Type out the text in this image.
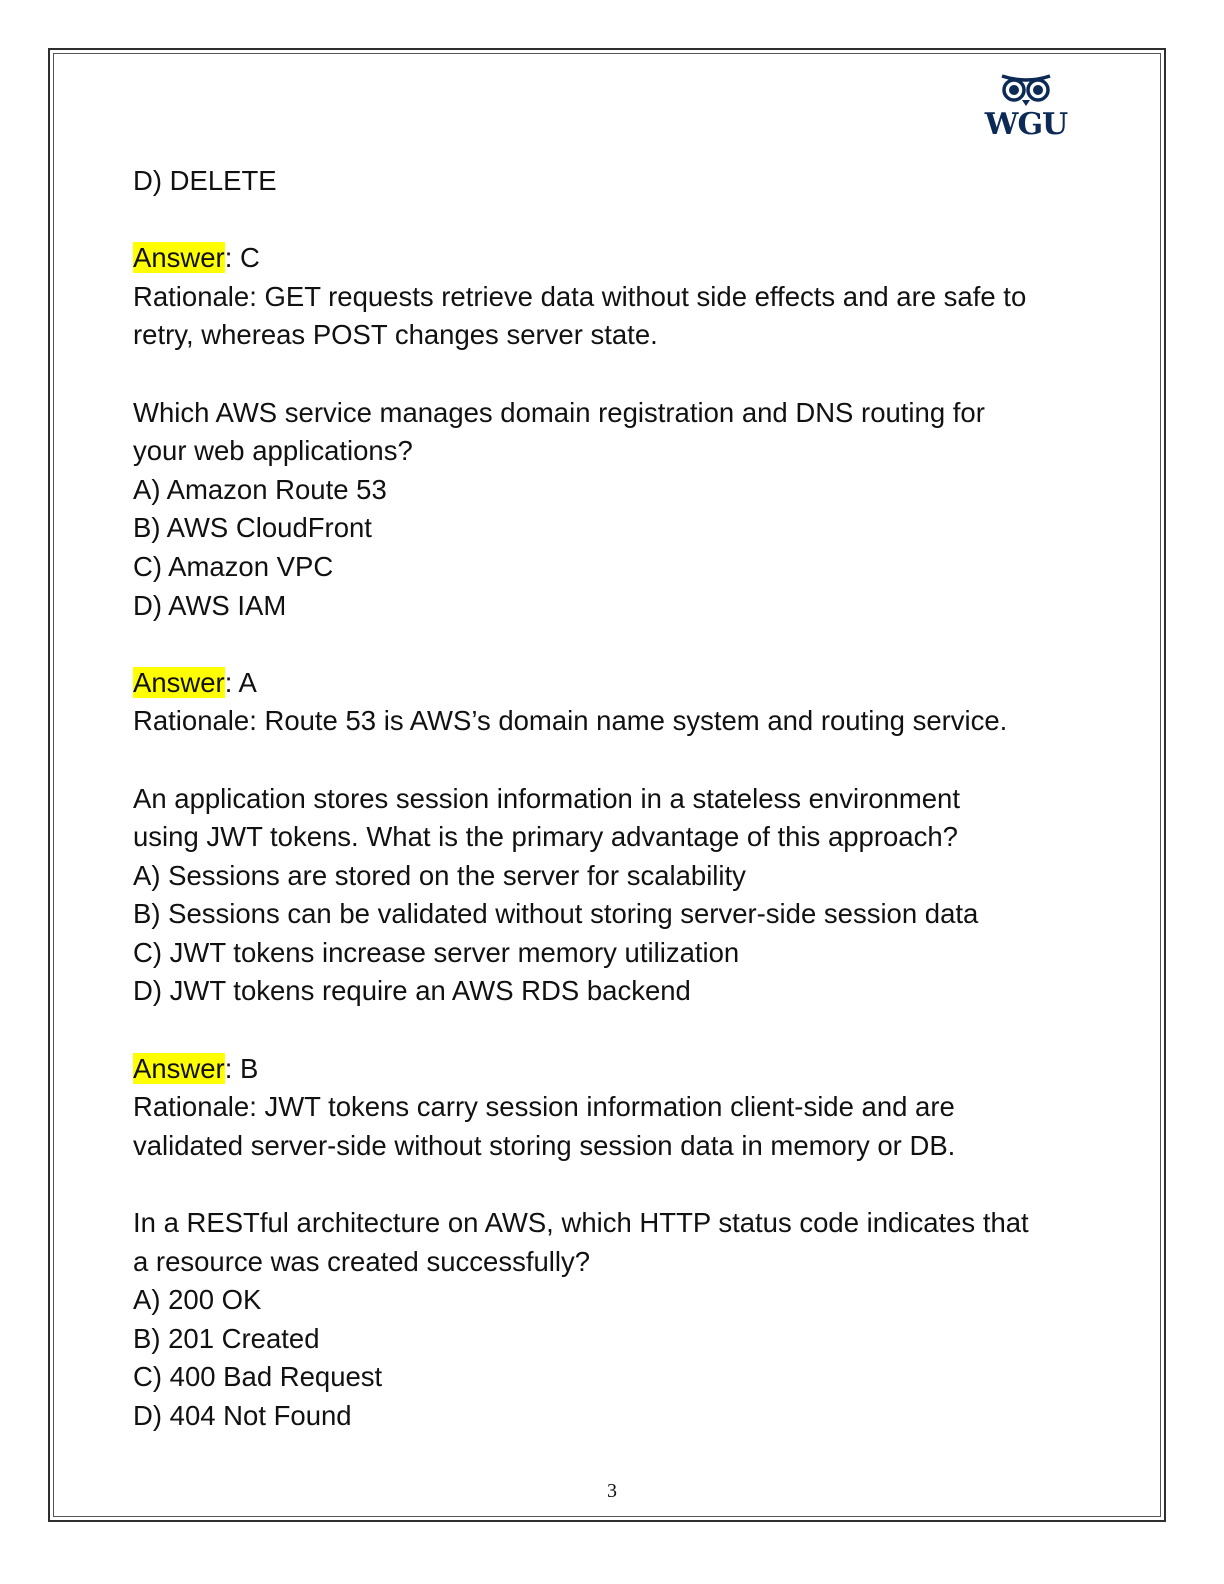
WGU
D) DELETE
Answer: C
Rationale: GET requests retrieve data without side effects and are safe to
retry, whereas POST changes server state.
Which AWS service manages domain registration and DNS routing for
your web applications?
A) Amazon Route 53
B) AWS CloudFront
C) Amazon VPC
D) AWS IAM
Answer: A
Rationale: Route 53 is AWS’s domain name system and routing service.
An application stores session information in a stateless environment
using JWT tokens. What is the primary advantage of this approach?
A) Sessions are stored on the server for scalability
B) Sessions can be validated without storing server-side session data
C) JWT tokens increase server memory utilization
D) JWT tokens require an AWS RDS backend
Answer: B
Rationale: JWT tokens carry session information client-side and are
validated server-side without storing session data in memory or DB.
In a RESTful architecture on AWS, which HTTP status code indicates that
a resource was created successfully?
A) 200 OK
B) 201 Created
C) 400 Bad Request
D) 404 Not Found
3
